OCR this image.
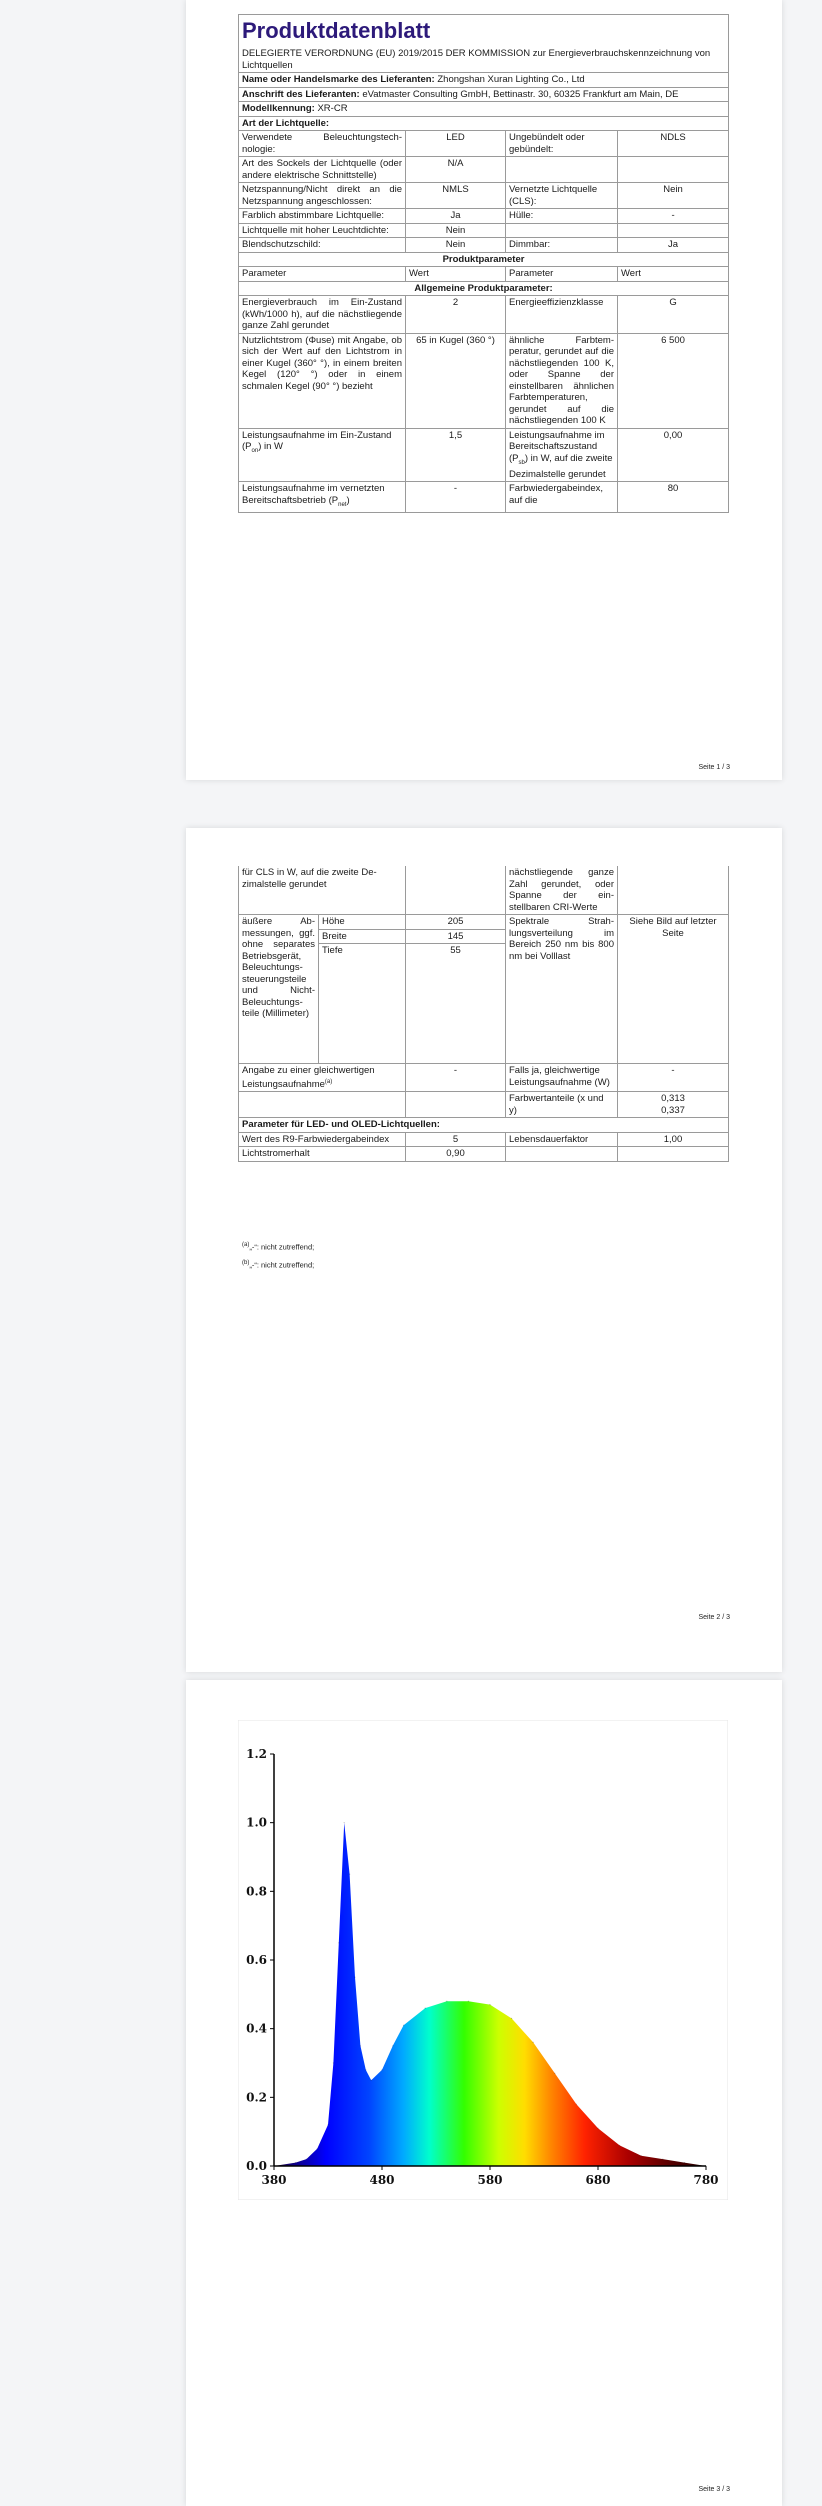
Produktdatenblatt			
DELEGIERTE VERORDNUNG (EU) 2019/2015 DER KOMMISSION zur Energieverbrauchskennzeichnung von Lichtquellen			
Name oder Handelsmarke des Lieferanten: Zhongshan Xuran Lighting Co., Ltd			
Anschrift des Lieferanten: eVatmaster Consulting GmbH, Bettinastr. 30, 60325 Frankfurt am Main, DE			
Modellkennung: XR-CR			
Art der Lichtquelle:			
Verwendete Beleuchtungstechnologie:	LED	Ungebündelt oder gebündelt:	NDLS
Art des Sockels der Lichtquelle (oder andere elektrische Schnittstelle)	N/A		
Netzspannung/Nicht direkt an die Netzspannung angeschlossen:	NMLS	Vernetzte Lichtquelle (CLS):	Nein
Farblich abstimmbare Lichtquelle:	Ja	Hülle:	-
Lichtquelle mit hoher Leuchtdichte:	Nein		
Blendschutzschild:	Nein	Dimmbar:	Ja
Produktparameter			
Parameter	Wert	Parameter	Wert
Allgemeine Produktparameter:			
Energieverbrauch im Ein-Zustand (kWh/1000 h), auf die nächstliegende ganze Zahl gerundet	2	Energieeffizienzklasse	G
Nutzlichtstrom (Φuse) mit Angabe, ob sich der Wert auf den Lichtstrom in einer Kugel (360° °), in einem breiten Kegel (120° °) oder in einem schmalen Kegel (90° °) bezieht	65 in Kugel (360 °)	ähnliche Farbtemperatur, gerundet auf die nächstliegenden 100 K, oder Spanne der einstellbaren ähnlichen Farbtemperaturen, gerundet auf die nächstliegenden 100 K	6 500
Leistungsaufnahme im Ein-Zustand $(P_{on})$ in W	1,5	Leistungsaufnahme im Bereitschaftszustand $(P_{sb})$ in W, auf die zweite Dezimalstelle gerundet	0,00
Leistungsaufnahme im vernetzten Bereitschaftsbetrieb $(P_{net})$	-	Farbwiedergabeindex, auf die	80
Seite 1 / 3
für CLS in W, auf die zweite Dezimalstelle gerundet			nächstliegende ganze Zahl gerundet, oder Spanne der einstellbaren CRI-Werte	
äußere Abmessungen, ggf. ohne separates Betriebsgerät, Beleuchtungssteuerungsteile und Nicht-Beleuchtungsteile (Millimeter)	Höhe	205	Spektrale Strahlungsverteilung im Bereich 250 nm bis 800 nm bei Volllast	Siehe Bild auf letzter Seite
	Breite	145		
	Tiefe	55		
Angabe zu einer gleichwertigen Leistungsaufnahme$^{(a)}$		-	Falls ja, gleichwertige Leistungsaufnahme (W)	-
			Farbwertanteile (x und y)	0,313
0,337

Parameter für LED- und OLED-Lichtquellen:				
Wert des R9-Farbwiedergabeindex		5	Lebensdauerfaktor	1,00
Lichtstromerhalt		0,90		
$^{(a)}$„-“: nicht zutreffend;
$^{(b)}$„-“: nicht zutreffend;
Seite 2 / 3
380	480	580	680	780
0.0
0.2
0.4
0.6
0.8
1.0
1.2
Seite 3 / 3
